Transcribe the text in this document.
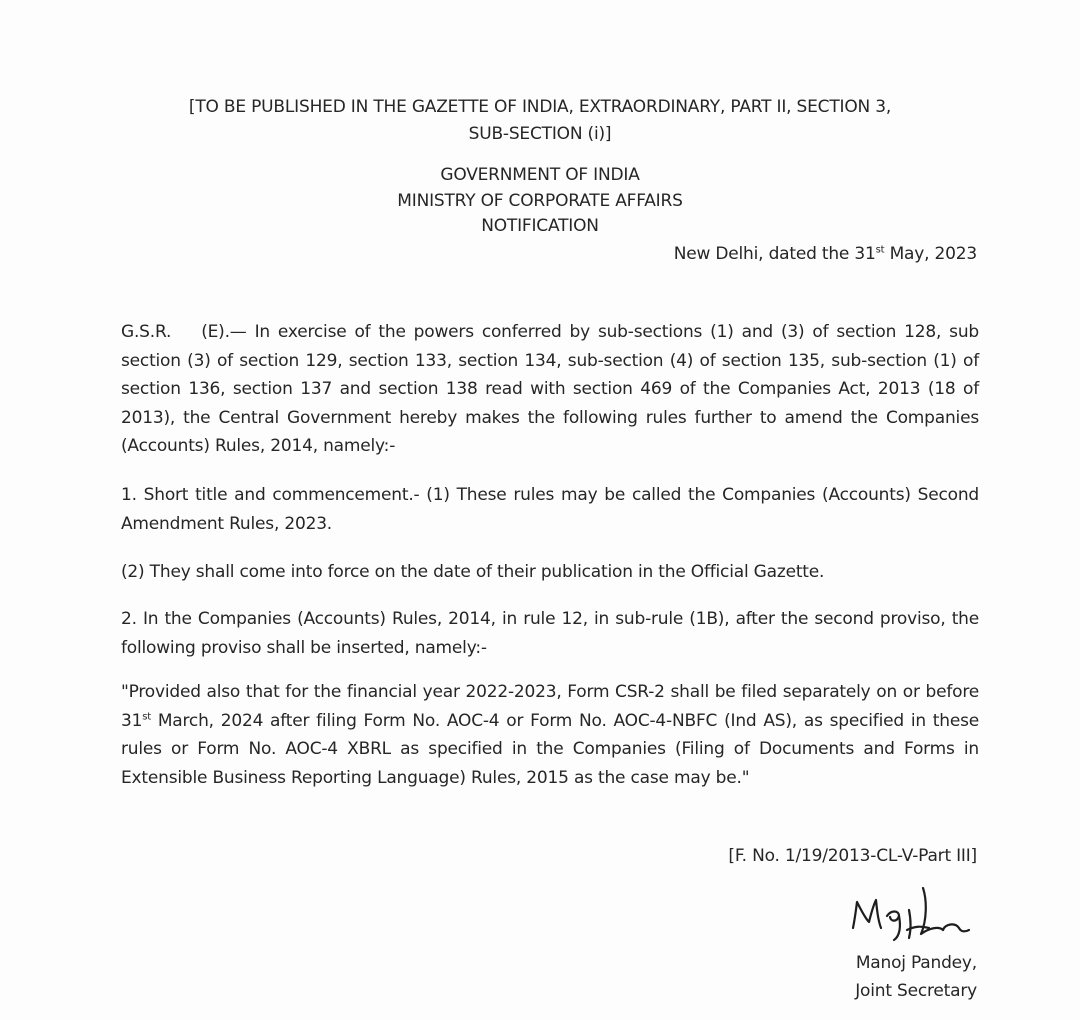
[TO BE PUBLISHED IN THE GAZETTE OF INDIA, EXTRAORDINARY, PART II, SECTION 3,
SUB-SECTION (i)]
GOVERNMENT OF INDIA
MINISTRY OF CORPORATE AFFAIRS
NOTIFICATION
New Delhi, dated the 31st May, 2023
G.S.R. (E).— In exercise of the powers conferred by sub-sections (1) and (3) of section 128, sub section (3) of section 129, section 133, section 134, sub-section (4) of section 135, sub-section (1) of section 136, section 137 and section 138 read with section 469 of the Companies Act, 2013 (18 of 2013), the Central Government hereby makes the following rules further to amend the Companies (Accounts) Rules, 2014, namely:-
1. Short title and commencement.- (1) These rules may be called the Companies (Accounts) Second Amendment Rules, 2023.
(2) They shall come into force on the date of their publication in the Official Gazette.
2. In the Companies (Accounts) Rules, 2014, in rule 12, in sub-rule (1B), after the second proviso, the following proviso shall be inserted, namely:-
"Provided also that for the financial year 2022-2023, Form CSR-2 shall be filed separately on or before 31st March, 2024 after filing Form No. AOC-4 or Form No. AOC-4-NBFC (Ind AS), as specified in these rules or Form No. AOC-4 XBRL as specified in the Companies (Filing of Documents and Forms in Extensible Business Reporting Language) Rules, 2015 as the case may be."
[F. No. 1/19/2013-CL-V-Part III]
Manoj Pandey,
Joint Secretary
